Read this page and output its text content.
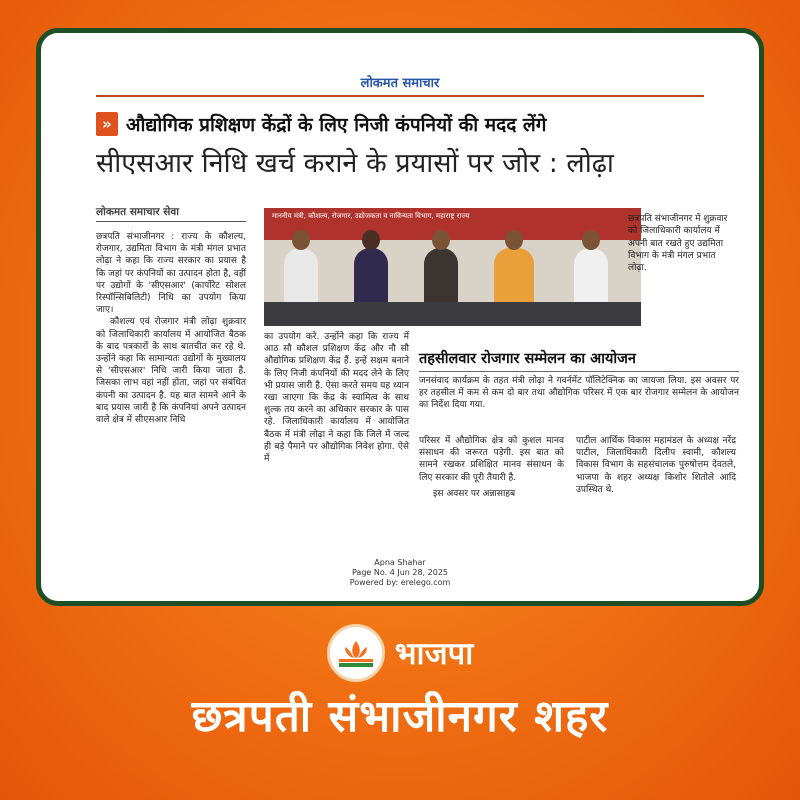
लोकमत समाचार
» औद्योगिक प्रशिक्षण केंद्रों के लिए निजी कंपनियों की मदद लेंगे
सीएसआर निधि खर्च कराने के प्रयासों पर जोर : लोढ़ा
लोकमत समाचार सेवा

छत्रपति संभाजीनगर : राज्य के कौशल्य, रोजगार, उद्यमिता विभाग के मंत्री मंगल प्रभात लोढ़ा ने कहा कि राज्य सरकार का प्रयास है कि जहां पर कंपनियों का उत्पादन होता है, वहीं पर उद्योगों के 'सीएसआर' (कार्पोरेट सोशल रिस्पॉन्सिबिलिटी) निधि का उपयोग किया जाए।

कौशल्य एवं रोजगार मंत्री लोढ़ा शुक्रवार को जिलाधिकारी कार्यालय में आयोजित बैठक के बाद पत्रकारों के साथ बातचीत कर रहे थे. उन्होंने कहा कि सामान्यतः उद्योगों के मुख्यालय से 'सीएसआर' निधि जारी किया जाता है. जिसका लाभ वहां नहीं होता, जहां पर संबंधित कंपनी का उत्पादन है. यह बात सामने आने के बाद प्रयास जारी है कि कंपनियां अपने उत्पादन वाले क्षेत्र में सीएसआर निधि

माननीय मंत्री, कौशल्य, रोजगार, उद्योजकता व नाविन्यता विभाग, महाराष्ट्र राज्य	छत्रपति संभाजीनगर में शुक्रवार को जिलाधिकारी कार्यालय में अपनी बात रखते हुए उद्यमिता विभाग के मंत्री मंगल प्रभात लोढ़ा.

का उपयोग करे. उन्होंने कहा कि राज्य में आठ सौ कौशल प्रशिक्षण केंद्र और नौ सौ औद्योगिक प्रशिक्षण केंद्र हैं. इन्हें सक्षम बनाने के लिए निजी कंपनियों की मदद लेने के लिए भी प्रयास जारी है. ऐसा करते समय यह ध्यान रखा जाएगा कि केंद्र के स्वामित्व के साथ शुल्क तय करने का अधिकार सरकार के पास रहे. जिलाधिकारी कार्यालय में आयोजित बैठक में मंत्री लोढ़ा ने कहा कि जिले में जल्द ही बड़े पैमाने पर औद्योगिक निवेश होगा. ऐसे में

तहसीलवार रोजगार सम्मेलन का आयोजन

जनसंवाद कार्यक्रम के तहत मंत्री लोढ़ा ने गवर्नमेंट पॉलिटेक्निक का जायजा लिया. इस अवसर पर हर तहसील में कम से कम दो बार तथा औद्योगिक परिसर में एक बार रोजगार सम्मेलन के आयोजन का निर्देश दिया गया.

परिसर में औद्योगिक क्षेत्र को कुशल मानव संसाधन की जरूरत पड़ेगी. इस बात को सामने रखकर प्रशिक्षित मानव संसाधन के लिए सरकार की पूरी तैयारी है.

इस अवसर पर अन्नासाहब

पाटील आर्थिक विकास महामंडल के अध्यक्ष नरेंद्र पाटील, जिलाधिकारी दिलीप स्वामी, कौशल्य विकास विभाग के सहसंचालक पुरुषोत्तम देवतले, भाजपा के शहर अध्यक्ष किशोर शितोले आदि उपस्थित थे.

Apna Shahar
Page No. 4 Jun 28, 2025
Powered by: erelego.com
भाजपा
छत्रपती संभाजीनगर शहर
